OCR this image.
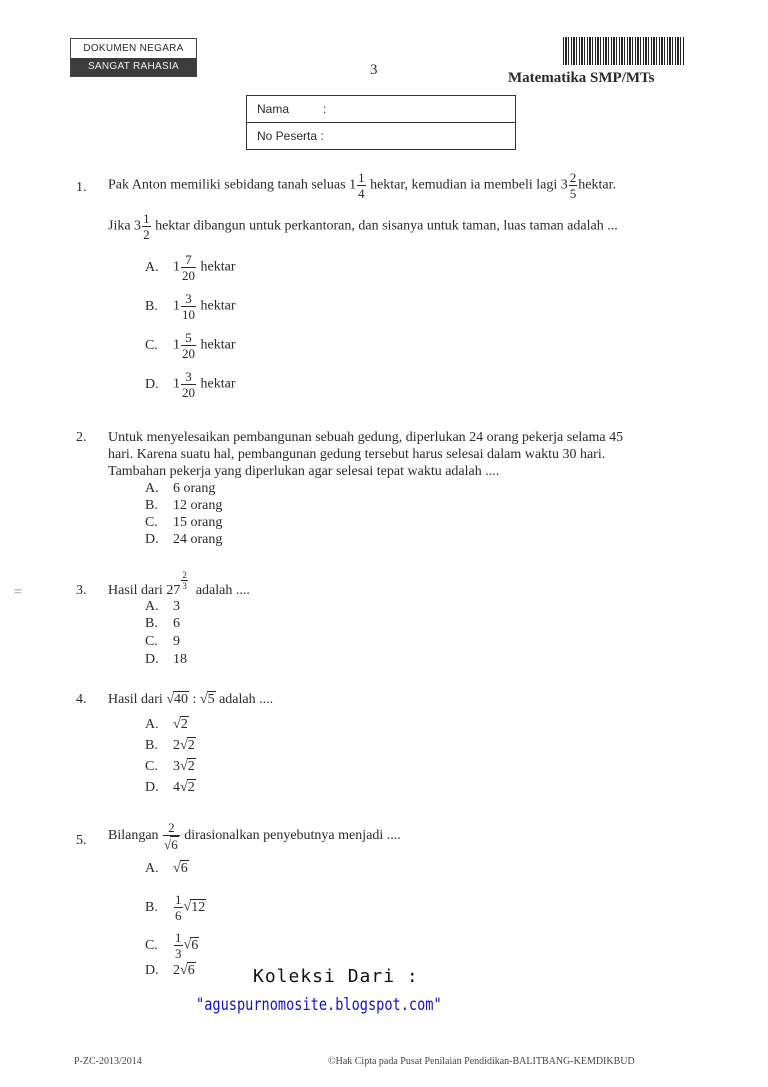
DOKUMEN NEGARA
SANGAT RAHASIA	3	Matematika SMP/MTs
Nama	:
No Peserta :
1. Pak Anton memiliki sebidang tanah seluas $1 \frac{1}{4}$ hektar, kemudian ia membeli lagi $3 \frac{2}{5}$ hektar.
Jika $3 \frac{1}{2}$ hektar dibangun untuk perkantoran, dan sisanya untuk taman, luas taman adalah ...
A. $1 \frac{7}{20}$ hektar
B. $1 \frac{3}{10}$ hektar
C. $1 \frac{5}{20}$ hektar
D. $1 \frac{3}{20}$ hektar
2. Untuk menyelesaikan pembangunan sebuah gedung, diperlukan 24 orang pekerja selama 45
hari. Karena suatu hal, pembangunan gedung tersebut harus selesai dalam waktu 30 hari.
Tambahan pekerja yang diperlukan agar selesai tepat waktu adalah ....
A. 6 orang
B. 12 orang
C. 15 orang
D. 24 orang
3. Hasil dari $27 \frac{2}{3}$ adalah ....
A. 3
B. 6
C. 9
D. 18
4. Hasil dari √40 : √5 adalah ....
A. √2
B. 2√2
C. 3√2
D. 4√2
5. Bilangan $\frac{2}{√6}$ dirasionalkan penyebutnya menjadi ....
A. √6
B. $\frac{1}{6} √12$
C. $\frac{1}{3} √6$
D. 2√6	Koleksi Dari :
"aguspurnomosite.blogspot.com"
=
P-ZC-2013/2014	©Hak Cipta pada Pusat Penilaian Pendidikan-BALITBANG-KEMDIKBUD
